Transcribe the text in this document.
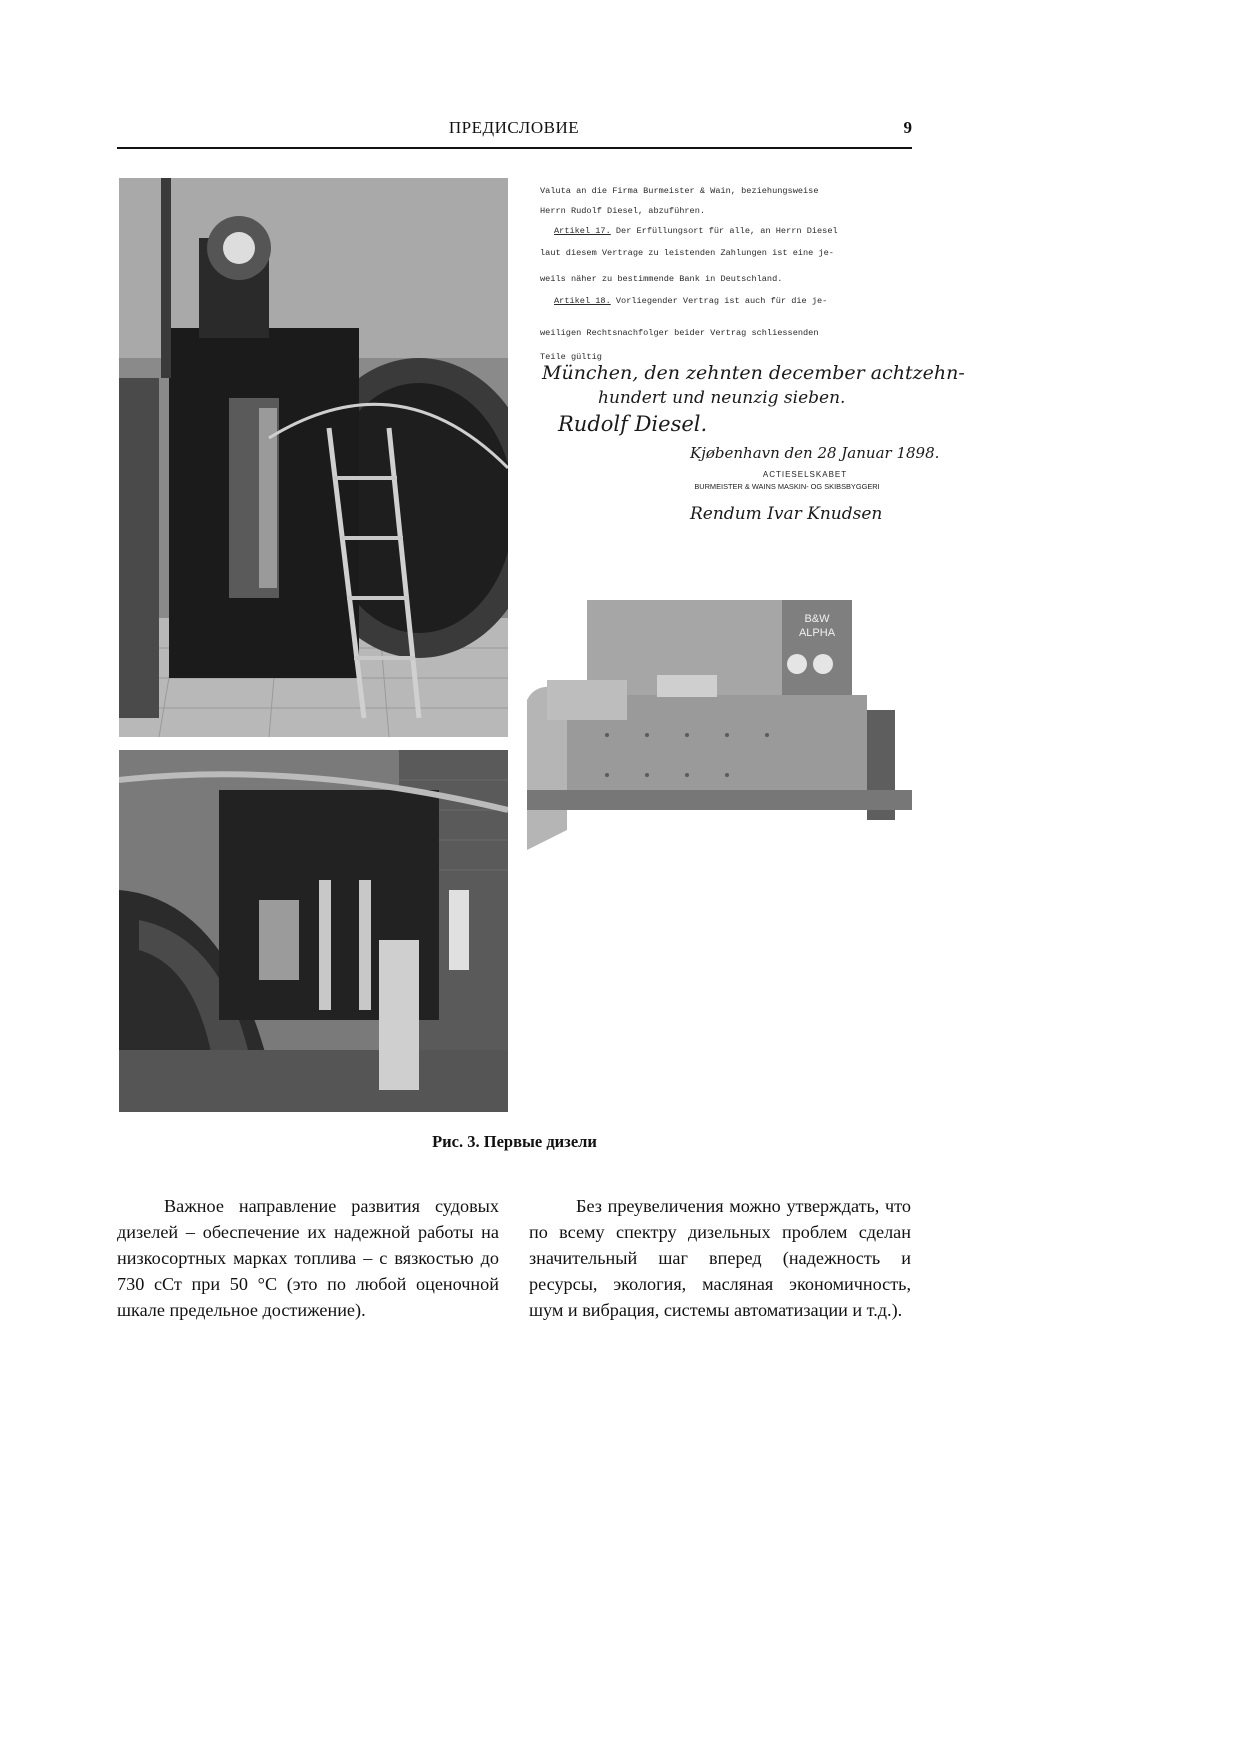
ПРЕДИСЛОВИЕ	9
Valuta an die Firma Burmeister & Wain, beziehungsweise
Herrn Rudolf Diesel, abzuführen.
Artikel 17. Der Erfüllungsort für alle, an Herrn Diesel
laut diesem Vertrage zu leistenden Zahlungen ist eine je-
weils näher zu bestimmende Bank in Deutschland.
Artikel 18. Vorliegender Vertrag ist auch für die je-
weiligen Rechtsnachfolger beider Vertrag schliessenden
Teile gültig
München, den zehnten december achtzehn-
hundert und neunzig sieben.
Rudolf Diesel.
Kjøbenhavn den 28 Januar 1898.
ACTIESELSKABET
BURMEISTER & WAINS MASKIN- OG SKIBSBYGGERI
Rendum Ivar Knudsen
B&W
ALPHA
Рис. 3. Первые дизели

Важное направление развития судовых дизелей – обеспечение их надежной работы на низкосортных марках топлива – с вязкостью до 730 сСт при 50 °С (это по любой оценочной шкале предельное достижение).

Без преувеличения можно утверждать, что по всему спектру дизельных проблем сделан значительный шаг вперед (надежность и ресурсы, экология, масляная экономичность, шум и вибрация, системы автоматизации и т.д.).
